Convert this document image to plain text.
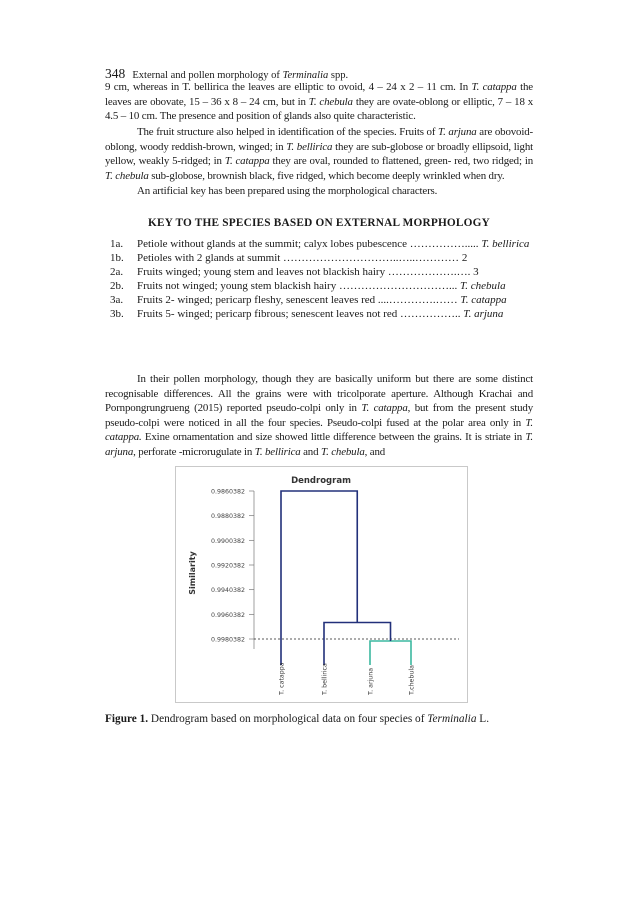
348 External and pollen morphology of Terminalia spp.

9 cm, whereas in T. bellirica the leaves are elliptic to ovoid, 4 – 24 x 2 – 11 cm. In T. catappa the leaves are obovate, 15 – 36 x 8 – 24 cm, but in T. chebula they are ovate-oblong or elliptic, 7 – 18 x 4.5 – 10 cm. The presence and position of glands also quite characteristic.

The fruit structure also helped in identification of the species. Fruits of T. arjuna are obovoid-oblong, woody reddish-brown, winged; in T. bellirica they are sub-globose or broadly ellipsoid, light yellow, weakly 5-ridged; in T. catappa they are oval, rounded to flattened, green- red, two ridged; in T. chebula sub-globose, brownish black, five ridged, which become deeply wrinkled when dry.

An artificial key has been prepared using the morphological characters.

KEY TO THE SPECIES BASED ON EXTERNAL MORPHOLOGY
1a.	Petiole without glands at the summit; calyx lobes pubescence ……………..... T. bellirica
1b.	Petioles with 2 glands at summit …………………………..…..………… 2
2a.	Fruits winged; young stem and leaves not blackish hairy ……………….…. 3
2b.	Fruits not winged; young stem blackish hairy …………………………... T. chebula
3a.	Fruits 2- winged; pericarp fleshy, senescent leaves red ....………….…… T. catappa
3b.	Fruits 5- winged; pericarp fibrous; senescent leaves not red …………….. T. arjuna

In their pollen morphology, though they are basically uniform but there are some distinct recognisable differences. All the grains were with tricolporate aperture. Although Krachai and Pornpongrungrueng (2015) reported pseudo-colpi only in T. catappa, but from the present study pseudo-colpi were noticed in all the four species. Pseudo-colpi fused at the polar area only in T. catappa. Exine ornamentation and size showed little difference between the grains. It is striate in T. arjuna, perforate -microrugulate in T. bellirica and T. chebula, and

Dendrogram
Similarity
0.9860382
0.9880382
0.9900382
0.9920382
0.9940382
0.9960382
0.9980382
T. catappa	T. bellirica	T. arjuna	T.chebula
Figure 1. Dendrogram based on morphological data on four species of Terminalia L.
